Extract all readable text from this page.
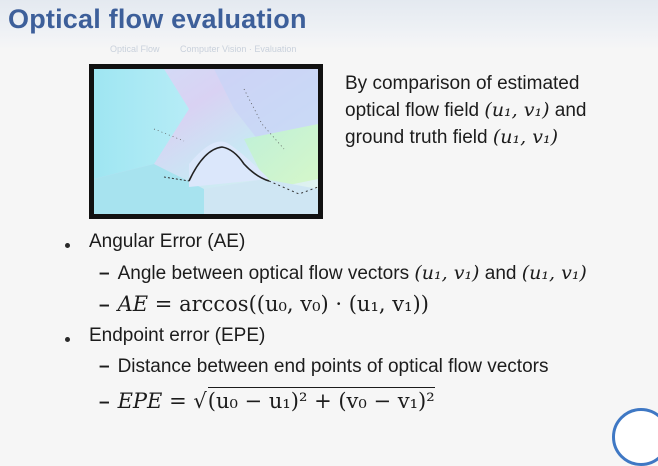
Optical flow evaluation
Optical Flow Computer Vision · Evaluation
By comparison of estimated
optical flow field (u₁, v₁) and
ground truth field (u₁, v₁)
Angular Error (AE)
– Angle between optical flow vectors (u₁, v₁) and (u₁, v₁)
– AE = arccos((u₀, v₀) · (u₁, v₁))
Endpoint error (EPE)
– Distance between end points of optical flow vectors
– EPE = √(u₀ − u₁)² + (v₀ − v₁)²
